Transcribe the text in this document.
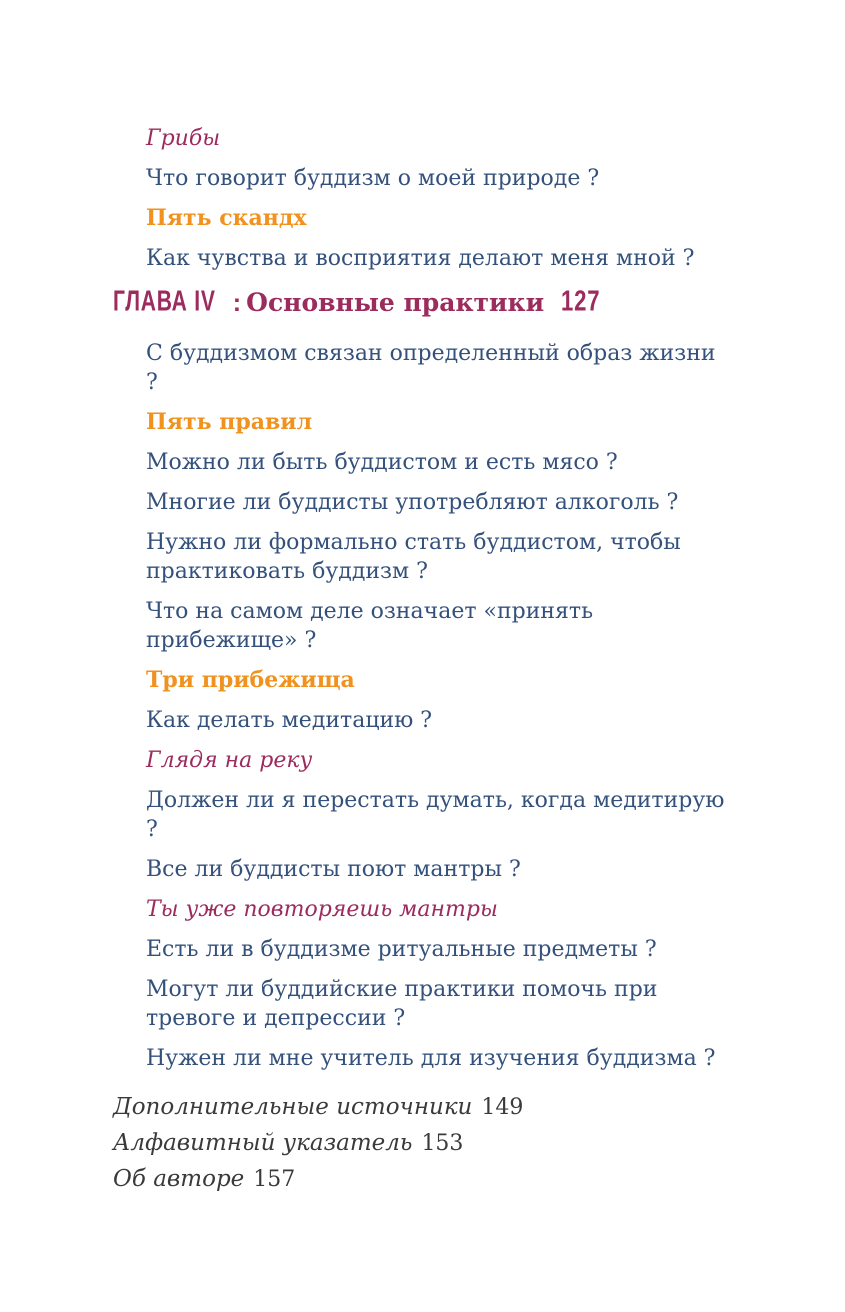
Грибы
Что говорит буддизм о моей природе ?
Пять скандх
Как чувства и восприятия делают меня мной ?
ГЛАВА IV : Основные практики 127
С буддизмом связан определенный образ жизни ?
Пять правил
Можно ли быть буддистом и есть мясо ?
Многие ли буддисты употребляют алкоголь ?
Нужно ли формально стать буддистом, чтобы
практиковать буддизм ?
Что на самом деле означает «принять
прибежище» ?
Три прибежища
Как делать медитацию ?
Глядя на реку
Должен ли я перестать думать, когда медитирую ?
Все ли буддисты поют мантры ?
Ты уже повторяешь мантры
Есть ли в буддизме ритуальные предметы ?
Могут ли буддийские практики помочь при
тревоге и депрессии ?
Нужен ли мне учитель для изучения буддизма ?
Дополнительные источники 149
Алфавитный указатель 153
Об авторе 157
